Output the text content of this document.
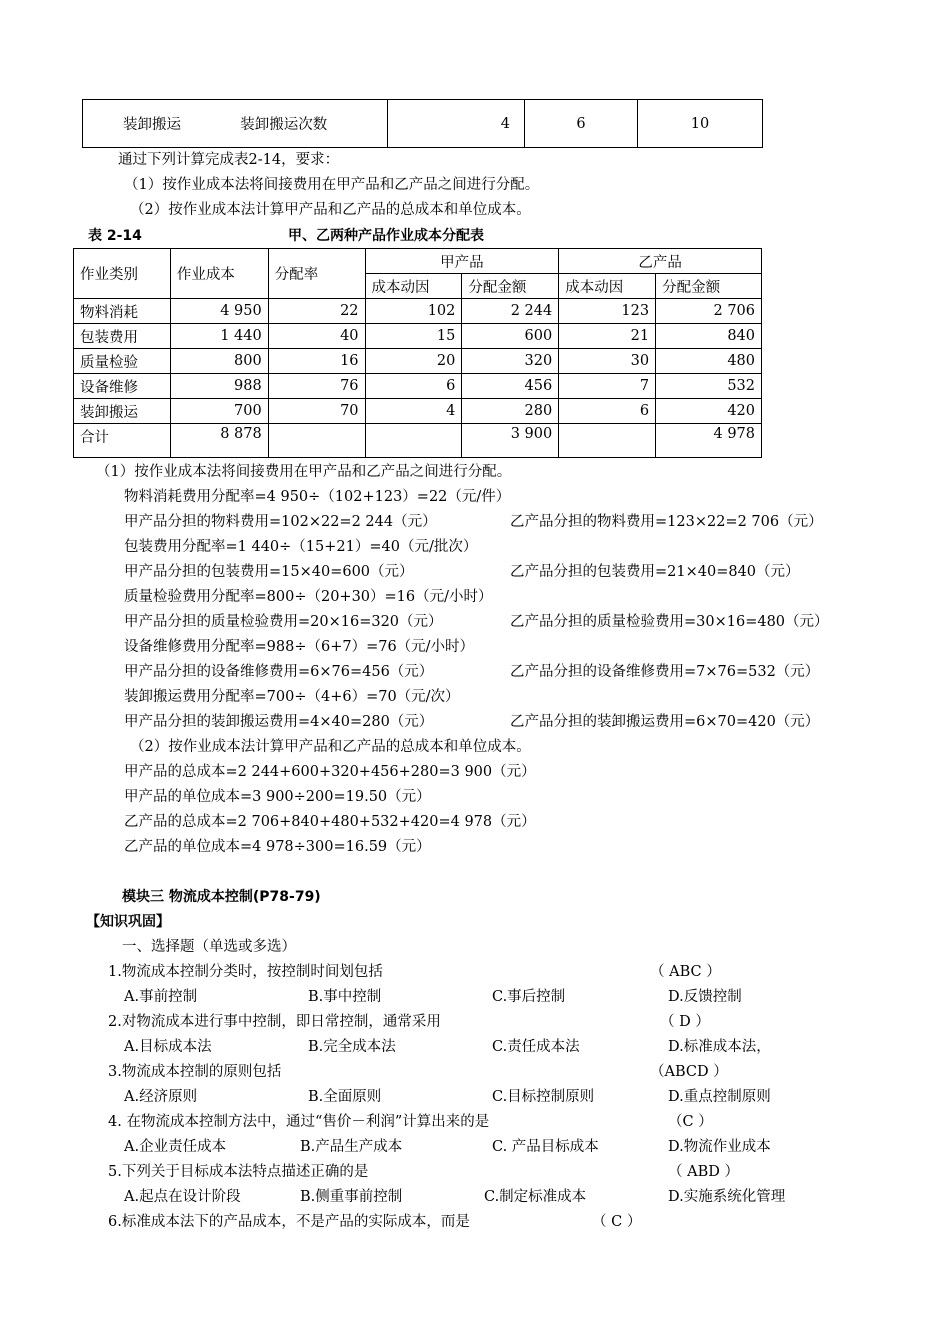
装卸搬运	装卸搬运次数	4	6	10
通过下列计算完成表2-14，要求：
（1）按作业成本法将间接费用在甲产品和乙产品之间进行分配。
（2）按作业成本法计算甲产品和乙产品的总成本和单位成本。
表 2-14	甲、乙两种产品作业成本分配表
作业类别	作业成本	分配率	甲产品		乙产品	
			成本动因	分配金额	成本动因	分配金额
物料消耗	4 950	22	102	2 244	123	2 706
包装费用	1 440	40	15	600	21	840
质量检验	800	16	20	320	30	480
设备维修	988	76	6	456	7	532
装卸搬运	700	70	4	280	6	420
合计	8 878			3 900		4 978
（1）按作业成本法将间接费用在甲产品和乙产品之间进行分配。
物料消耗费用分配率=4 950÷（102+123）=22（元/件）
甲产品分担的物料费用=102×22=2 244（元）	乙产品分担的物料费用=123×22=2 706（元）
包装费用分配率=1 440÷（15+21）=40（元/批次）
甲产品分担的包装费用=15×40=600（元）	乙产品分担的包装费用=21×40=840（元）
质量检验费用分配率=800÷（20+30）=16（元/小时）
甲产品分担的质量检验费用=20×16=320（元）	乙产品分担的质量检验费用=30×16=480（元）
设备维修费用分配率=988÷（6+7）=76（元/小时）
甲产品分担的设备维修费用=6×76=456（元）	乙产品分担的设备维修费用=7×76=532（元）
装卸搬运费用分配率=700÷（4+6）=70（元/次）
甲产品分担的装卸搬运费用=4×40=280（元）	乙产品分担的装卸搬运费用=6×70=420（元）
（2）按作业成本法计算甲产品和乙产品的总成本和单位成本。
甲产品的总成本=2 244+600+320+456+280=3 900（元）
甲产品的单位成本=3 900÷200=19.50（元）
乙产品的总成本=2 706+840+480+532+420=4 978（元）
乙产品的单位成本=4 978÷300=16.59（元）
模块三 物流成本控制(P78-79)
【知识巩固】
一、选择题（单选或多选）
1.物流成本控制分类时，按控制时间划包括	（ ABC ）
A.事前控制	B.事中控制	C.事后控制	D.反馈控制
2.对物流成本进行事中控制，即日常控制，通常采用	（ D ）
A.目标成本法	B.完全成本法	C.责任成本法	D.标准成本法，
3.物流成本控制的原则包括	（ABCD ）
A.经济原则	B.全面原则	C.目标控制原则	D.重点控制原则
4. 在物流成本控制方法中，通过“售价－利润”计算出来的是	（C ）
A.企业责任成本	B.产品生产成本	C. 产品目标成本	D.物流作业成本
5.下列关于目标成本法特点描述正确的是	（ ABD ）
A.起点在设计阶段	B.侧重事前控制	C.制定标准成本	D.实施系统化管理
6.标准成本法下的产品成本，不是产品的实际成本，而是	（ C ）
